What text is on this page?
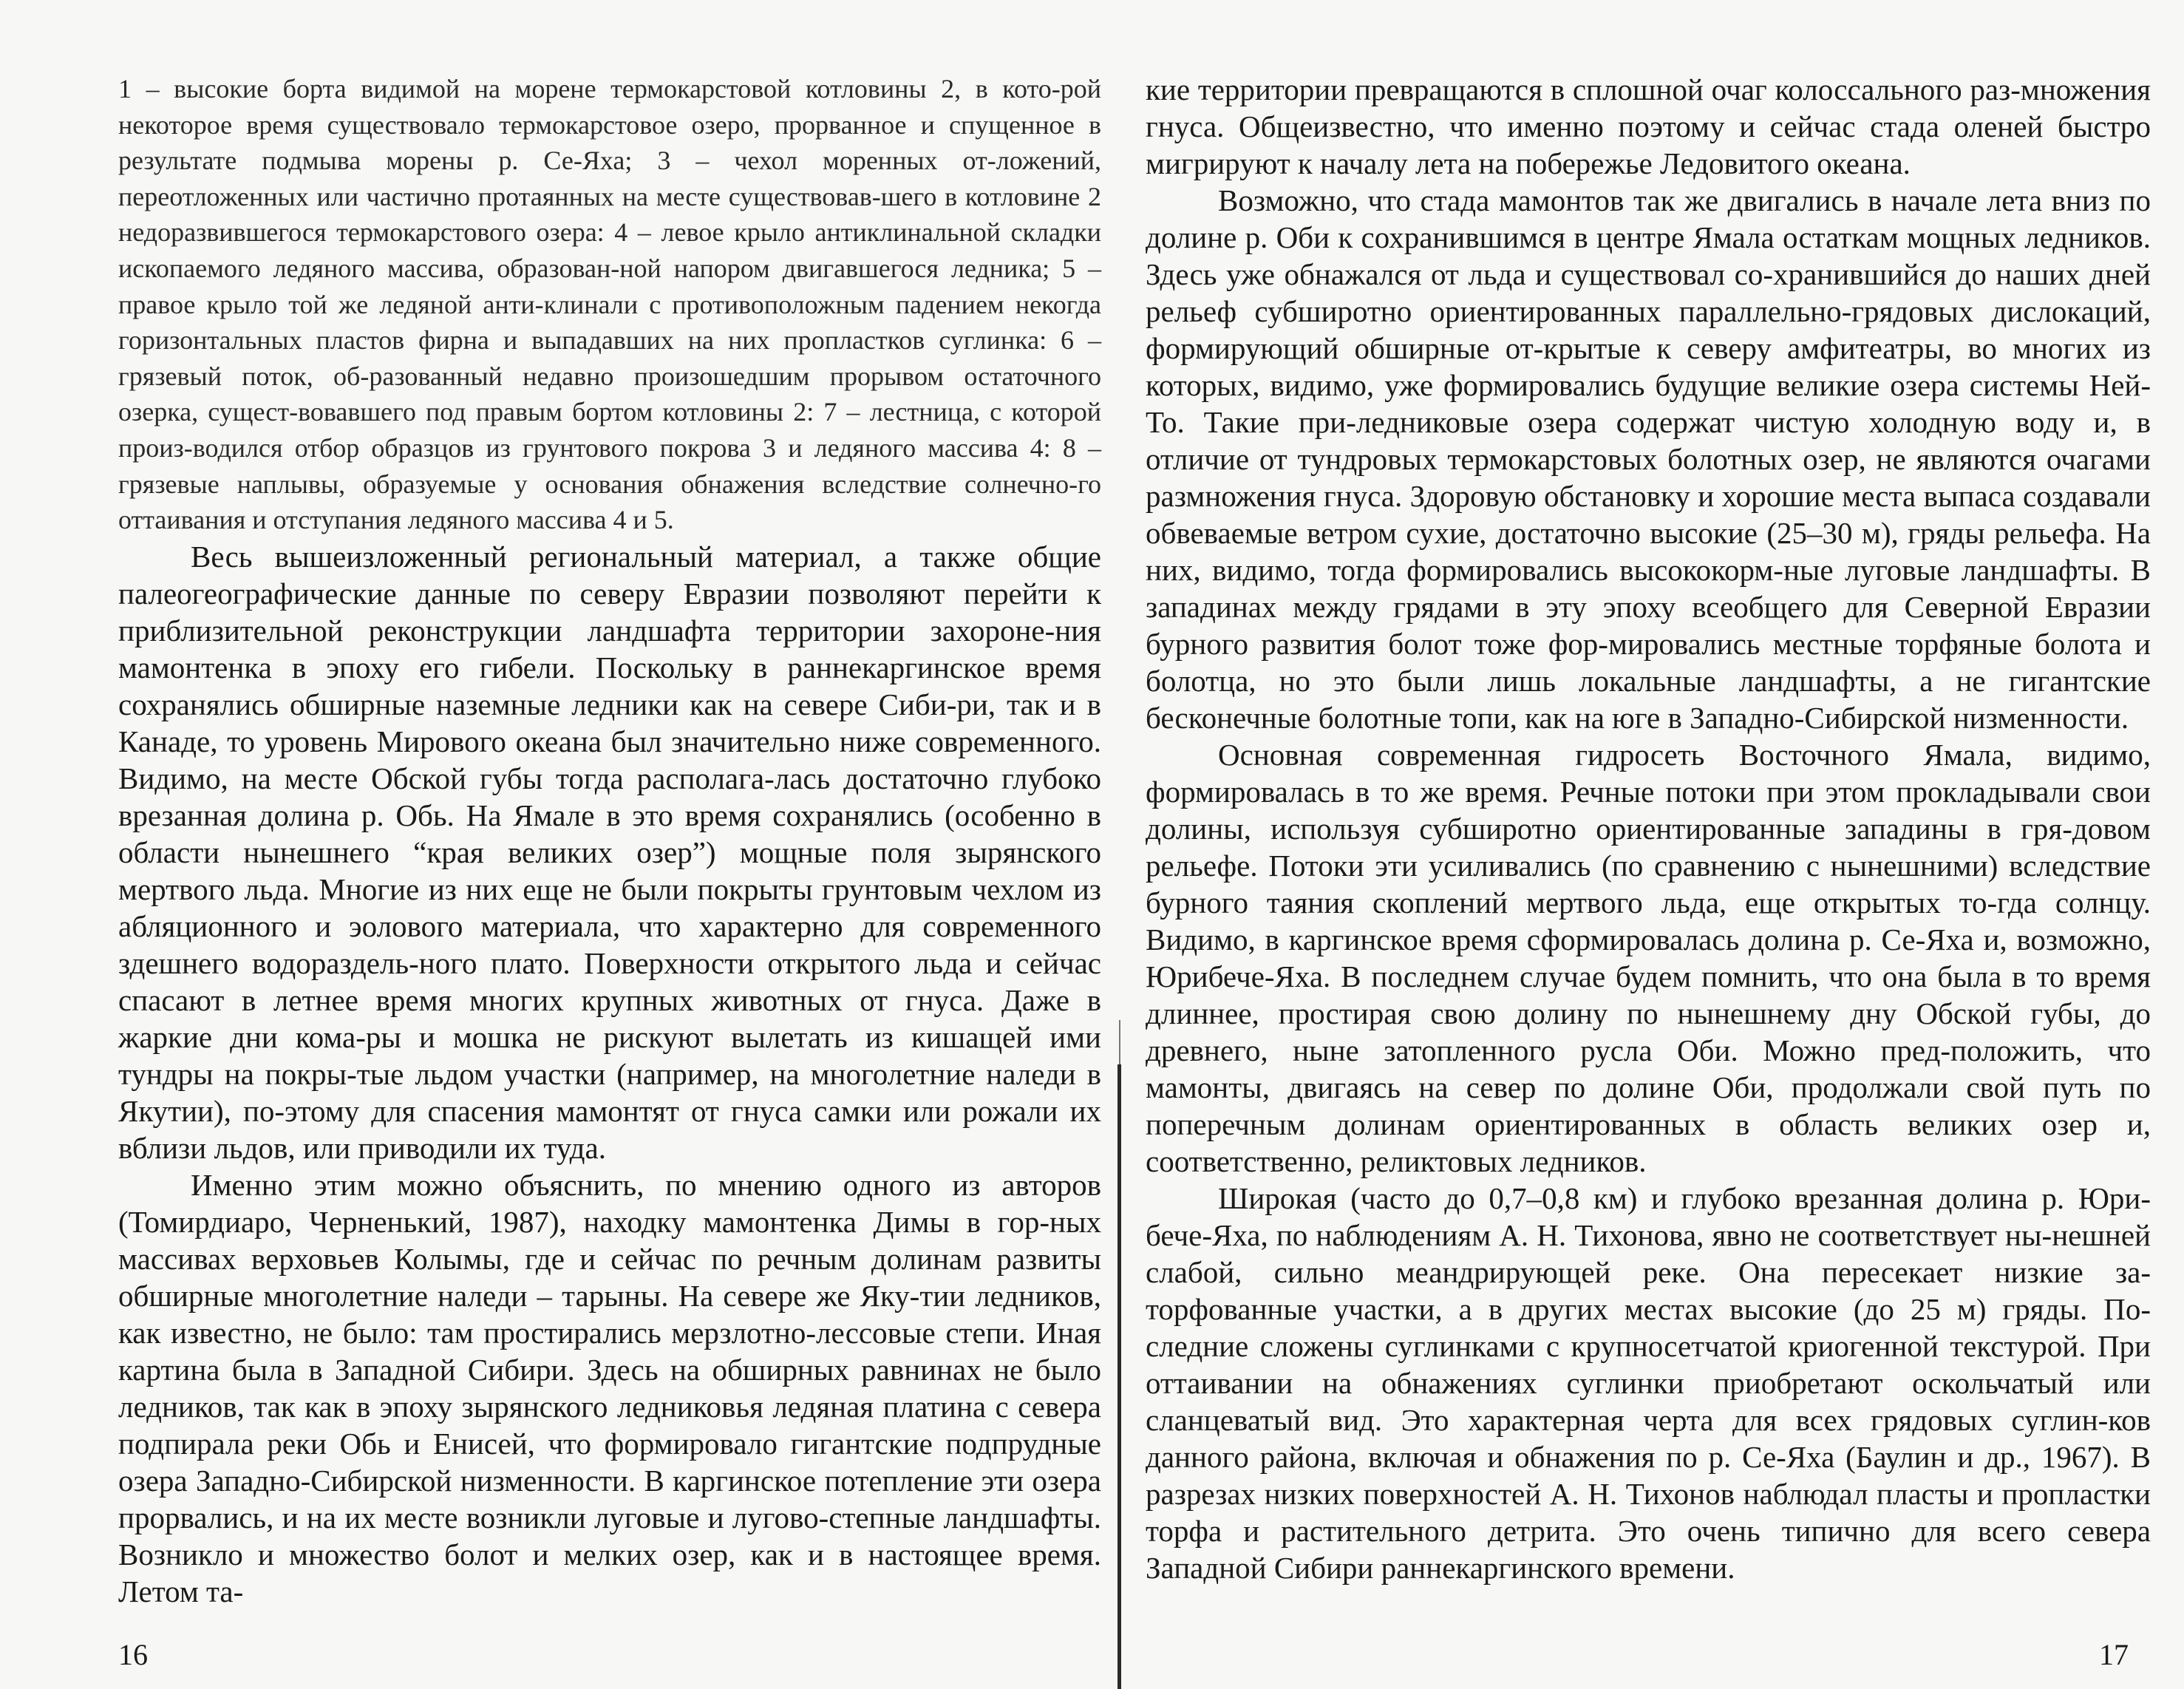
1 – высокие борта видимой на морене термокарстовой котловины 2, в кото-рой некоторое время существовало термокарстовое озеро, прорванное и спущенное в результате подмыва морены р. Се-Яха; 3 – чехол моренных от-ложений, переотложенных или частично протаянных на месте существовав-шего в котловине 2 недоразвившегося термокарстового озера: 4 – левое крыло антиклинальной складки ископаемого ледяного массива, образован-ной напором двигавшегося ледника; 5 – правое крыло той же ледяной анти-клинали с противоположным падением некогда горизонтальных пластов фирна и выпадавших на них пропластков суглинка: 6 – грязевый поток, об-разованный недавно произошедшим прорывом остаточного озерка, сущест-вовавшего под правым бортом котловины 2: 7 – лестница, с которой произ-водился отбор образцов из грунтового покрова 3 и ледяного массива 4: 8 – грязевые наплывы, образуемые у основания обнажения вследствие солнечно-го оттаивания и отступания ледяного массива 4 и 5.

Весь вышеизложенный региональный материал, а также общие палеогеографические данные по северу Евразии позволяют перейти к приблизительной реконструкции ландшафта территории захороне-ния мамонтенка в эпоху его гибели. Поскольку в раннекаргинское время сохранялись обширные наземные ледники как на севере Сиби-ри, так и в Канаде, то уровень Мирового океана был значительно ниже современного. Видимо, на месте Обской губы тогда располага-лась достаточно глубоко врезанная долина р. Обь. На Ямале в это время сохранялись (особенно в области нынешнего “края великих озер”) мощные поля зырянского мертвого льда. Многие из них еще не были покрыты грунтовым чехлом из абляционного и эолового материала, что характерно для современного здешнего водораздель-ного плато. Поверхности открытого льда и сейчас спасают в летнее время многих крупных животных от гнуса. Даже в жаркие дни кома-ры и мошка не рискуют вылетать из кишащей ими тундры на покры-тые льдом участки (например, на многолетние наледи в Якутии), по-этому для спасения мамонтят от гнуса самки или рожали их вблизи льдов, или приводили их туда.

Именно этим можно объяснить, по мнению одного из авторов (Томирдиаро, Черненький, 1987), находку мамонтенка Димы в гор-ных массивах верховьев Колымы, где и сейчас по речным долинам развиты обширные многолетние наледи – тарыны. На севере же Яку-тии ледников, как известно, не было: там простирались мерзлотно-лессовые степи. Иная картина была в Западной Сибири. Здесь на обширных равнинах не было ледников, так как в эпоху зырянского ледниковья ледяная платина с севера подпирала реки Обь и Енисей, что формировало гигантские подпрудные озера Западно-Сибирской низменности. В каргинское потепление эти озера прорвались, и на их месте возникли луговые и лугово-степные ландшафты. Возникло и множество болот и мелких озер, как и в настоящее время. Летом та-

16

кие территории превращаются в сплошной очаг колоссального раз-множения гнуса. Общеизвестно, что именно поэтому и сейчас стада оленей быстро мигрируют к началу лета на побережье Ледовитого океана.

Возможно, что стада мамонтов так же двигались в начале лета вниз по долине р. Оби к сохранившимся в центре Ямала остаткам мощных ледников. Здесь уже обнажался от льда и существовал со-хранившийся до наших дней рельеф субширотно ориентированных параллельно-грядовых дислокаций, формирующий обширные от-крытые к северу амфитеатры, во многих из которых, видимо, уже формировались будущие великие озера системы Ней-То. Такие при-ледниковые озера содержат чистую холодную воду и, в отличие от тундровых термокарстовых болотных озер, не являются очагами размножения гнуса. Здоровую обстановку и хорошие места выпаса создавали обвеваемые ветром сухие, достаточно высокие (25–30 м), гряды рельефа. На них, видимо, тогда формировались высококорм-ные луговые ландшафты. В западинах между грядами в эту эпоху всеобщего для Северной Евразии бурного развития болот тоже фор-мировались местные торфяные болота и болотца, но это были лишь локальные ландшафты, а не гигантские бесконечные болотные топи, как на юге в Западно-Сибирской низменности.

Основная современная гидросеть Восточного Ямала, видимо, формировалась в то же время. Речные потоки при этом прокладывали свои долины, используя субширотно ориентированные западины в гря-довом рельефе. Потоки эти усиливались (по сравнению с нынешними) вследствие бурного таяния скоплений мертвого льда, еще открытых то-гда солнцу. Видимо, в каргинское время сформировалась долина р. Се-Яха и, возможно, Юрибече-Яха. В последнем случае будем помнить, что она была в то время длиннее, простирая свою долину по нынешнему дну Обской губы, до древнего, ныне затопленного русла Оби. Можно пред-положить, что мамонты, двигаясь на север по долине Оби, продолжали свой путь по поперечным долинам ориентированных в область великих озер и, соответственно, реликтовых ледников.

Широкая (часто до 0,7–0,8 км) и глубоко врезанная долина р. Юри-бече-Яха, по наблюдениям А. Н. Тихонова, явно не соответствует ны-нешней слабой, сильно меандрирующей реке. Она пересекает низкие за-торфованные участки, а в других местах высокие (до 25 м) гряды. По-следние сложены суглинками с крупносетчатой криогенной текстурой. При оттаивании на обнажениях суглинки приобретают оскольчатый или сланцеватый вид. Это характерная черта для всех грядовых суглин-ков данного района, включая и обнажения по р. Се-Яха (Баулин и др., 1967). В разрезах низких поверхностей А. Н. Тихонов наблюдал пласты и пропластки торфа и растительного детрита. Это очень типично для всего севера Западной Сибири раннекаргинского времени.

17
